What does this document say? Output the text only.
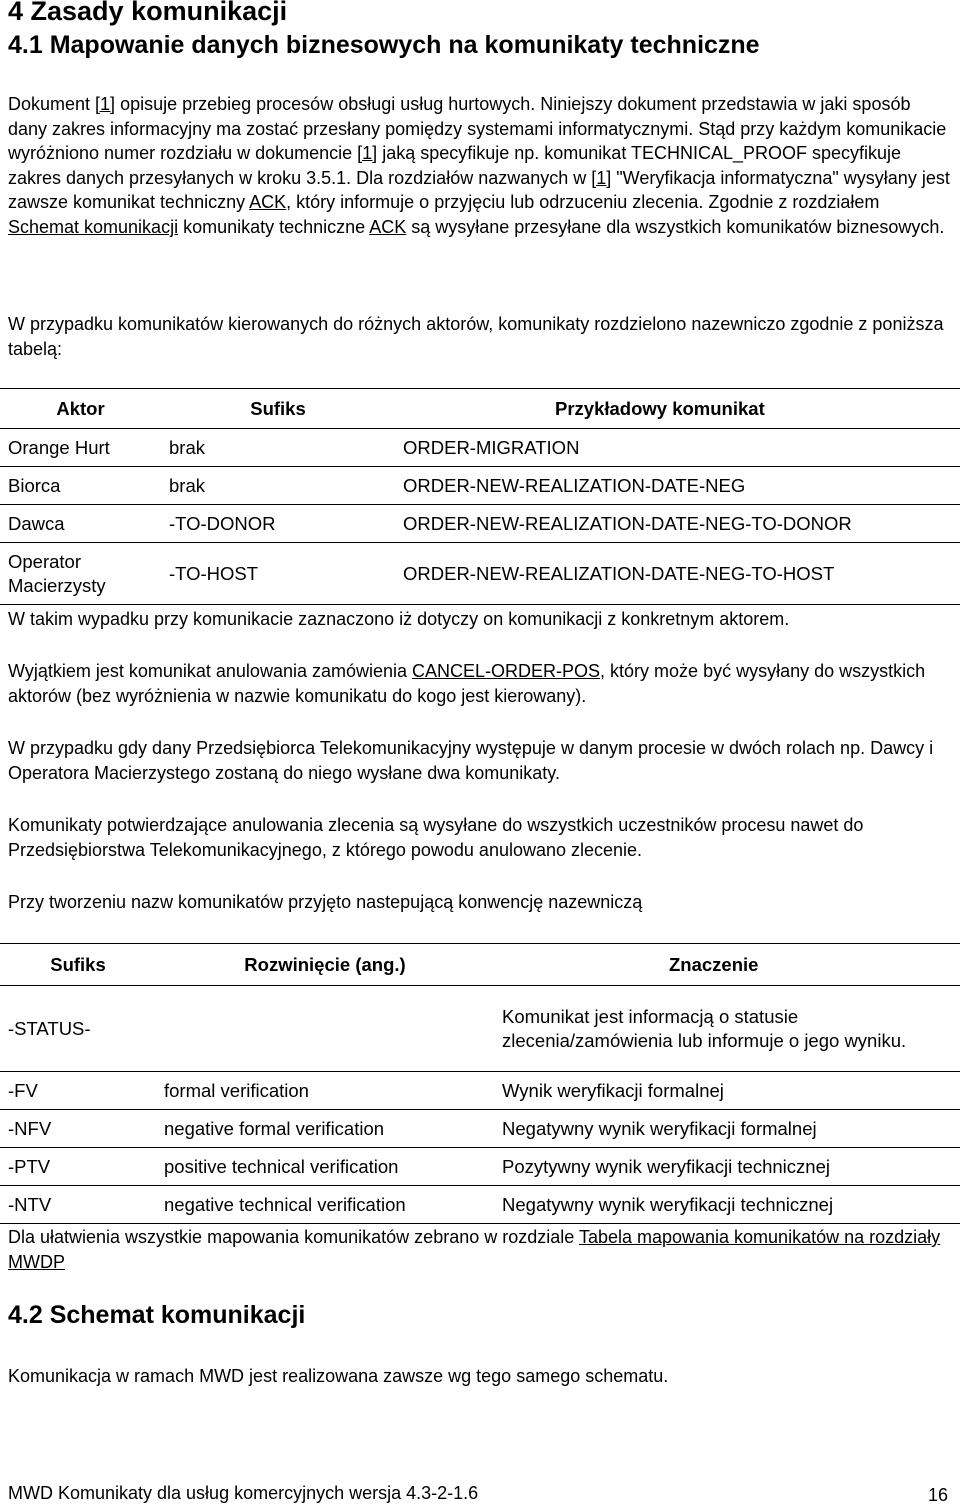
4 Zasady komunikacji
4.1 Mapowanie danych biznesowych na komunikaty techniczne

Dokument [1] opisuje przebieg procesów obsługi usług hurtowych. Niniejszy dokument przedstawia w jaki sposób dany zakres informacyjny ma zostać przesłany pomiędzy systemami informatycznymi. Stąd przy każdym komunikacie wyróżniono numer rozdziału w dokumencie [1] jaką specyfikuje np. komunikat TECHNICAL_PROOF specyfikuje zakres danych przesyłanych w kroku 3.5.1. Dla rozdziałów nazwanych w [1] "Weryfikacja informatyczna" wysyłany jest zawsze komunikat techniczny ACK, który informuje o przyjęciu lub odrzuceniu zlecenia. Zgodnie z rozdziałem Schemat komunikacji komunikaty techniczne ACK są wysyłane przesyłane dla wszystkich komunikatów biznesowych.

W przypadku komunikatów kierowanych do różnych aktorów, komunikaty rozdzielono nazewniczo zgodnie z poniższa tabelą:

Aktor	Sufiks	Przykładowy komunikat
Orange Hurt	brak	ORDER-MIGRATION
Biorca	brak	ORDER-NEW-REALIZATION-DATE-NEG
Dawca	-TO-DONOR	ORDER-NEW-REALIZATION-DATE-NEG-TO-DONOR
Operator Macierzysty	-TO-HOST	ORDER-NEW-REALIZATION-DATE-NEG-TO-HOST

W takim wypadku przy komunikacie zaznaczono iż dotyczy on komunikacji z konkretnym aktorem.

Wyjątkiem jest komunikat anulowania zamówienia CANCEL-ORDER-POS, który może być wysyłany do wszystkich aktorów (bez wyróżnienia w nazwie komunikatu do kogo jest kierowany).

W przypadku gdy dany Przedsiębiorca Telekomunikacyjny występuje w danym procesie w dwóch rolach np. Dawcy i Operatora Macierzystego zostaną do niego wysłane dwa komunikaty.

Komunikaty potwierdzające anulowania zlecenia są wysyłane do wszystkich uczestników procesu nawet do Przedsiębiorstwa Telekomunikacyjnego, z którego powodu anulowano zlecenie.

Przy tworzeniu nazw komunikatów przyjęto nastepującą konwencję nazewniczą

Sufiks	Rozwinięcie (ang.)	Znaczenie
-STATUS-		Komunikat jest informacją o statusie zlecenia/zamówienia lub informuje o jego wyniku.
-FV	formal verification	Wynik weryfikacji formalnej
-NFV	negative formal verification	Negatywny wynik weryfikacji formalnej
-PTV	positive technical verification	Pozytywny wynik weryfikacji technicznej
-NTV	negative technical verification	Negatywny wynik weryfikacji technicznej

Dla ułatwienia wszystkie mapowania komunikatów zebrano w rozdziale Tabela mapowania komunikatów na rozdziały MWDP

4.2 Schemat komunikacji

Komunikacja w ramach MWD jest realizowana zawsze wg tego samego schematu.

MWD Komunikaty dla usług komercyjnych wersja 4.3-2-1.6	16
